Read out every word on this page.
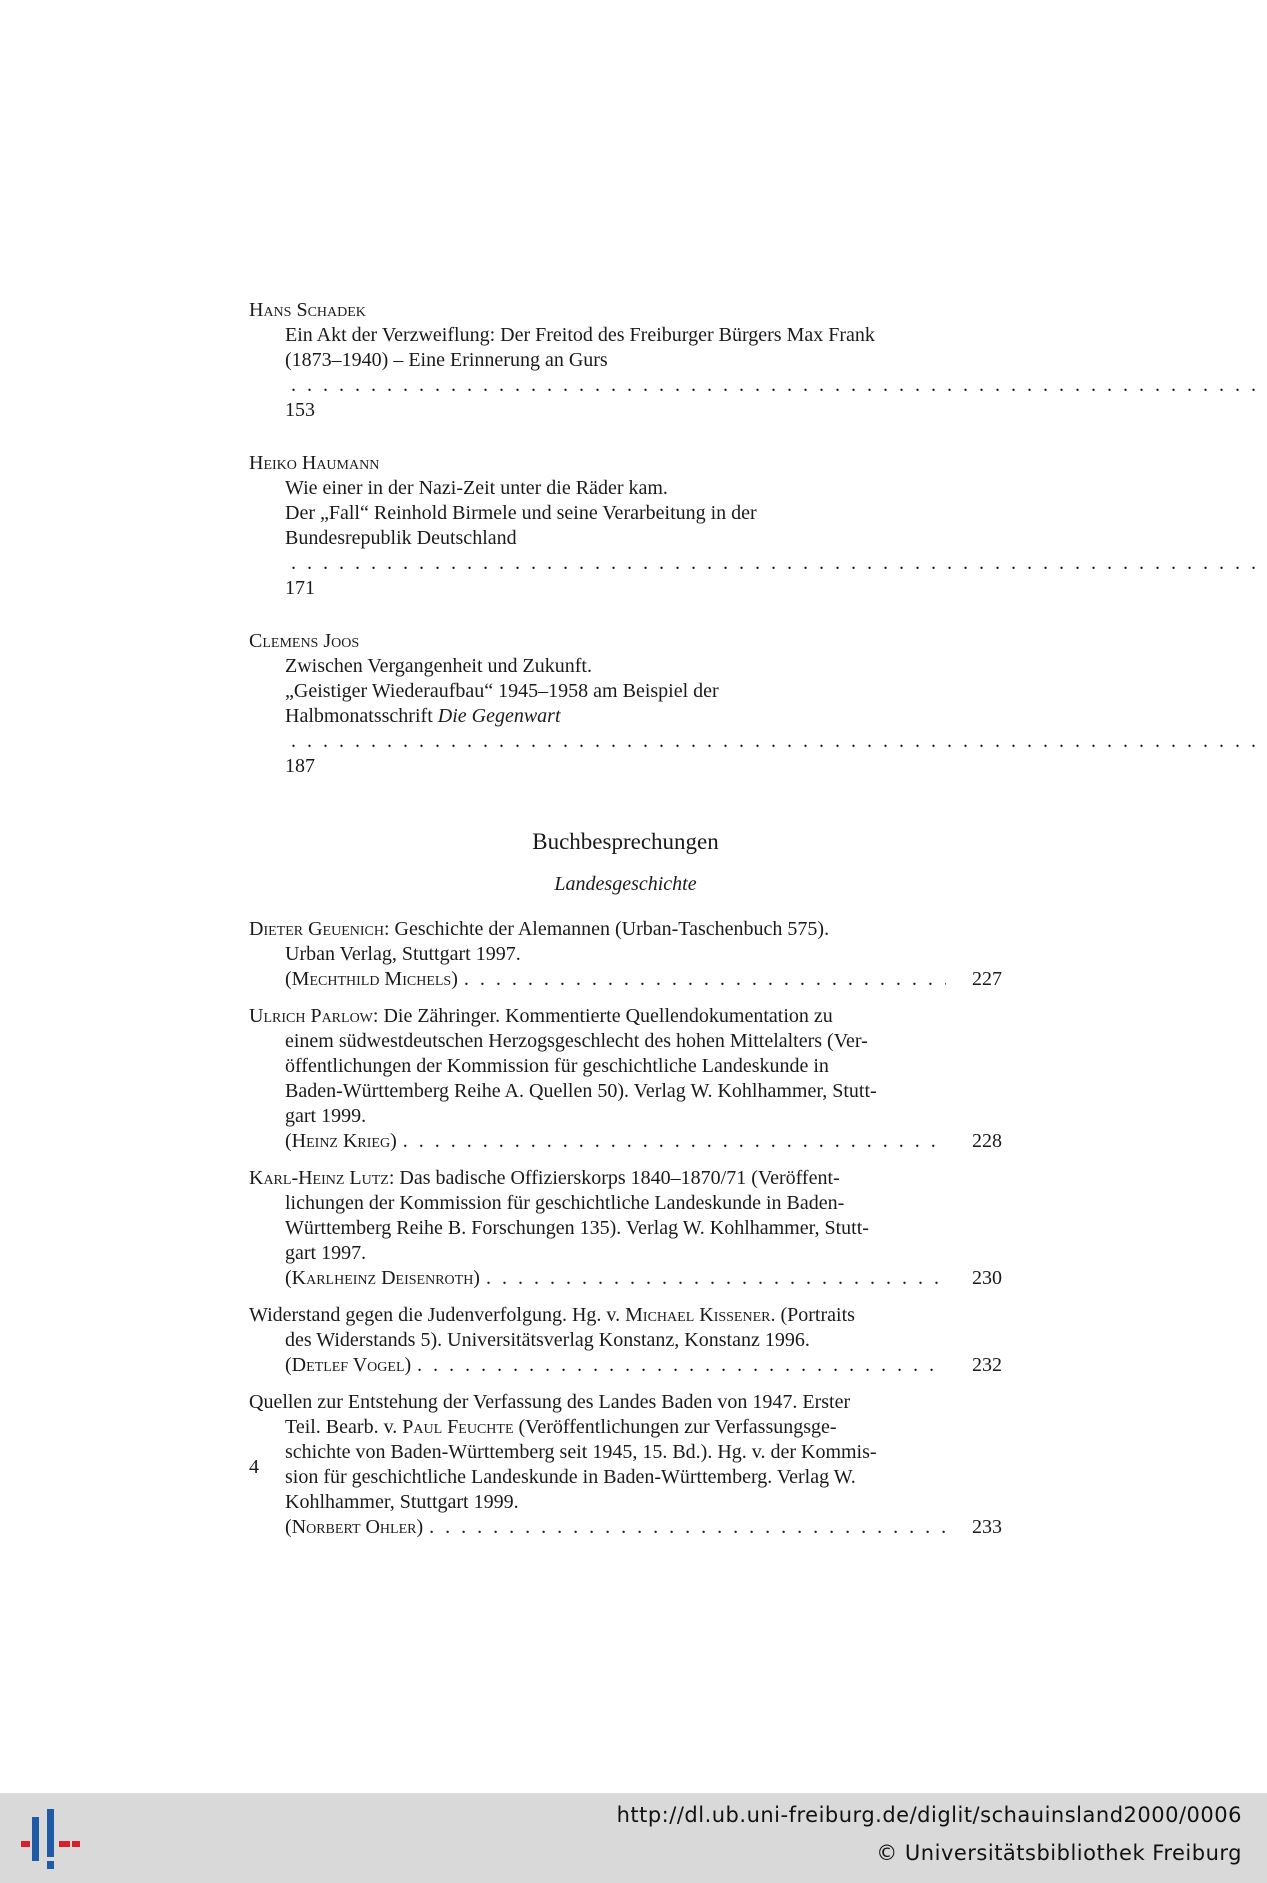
Hans Schadek
Ein Akt der Verzweiflung: Der Freitod des Freiburger Bürgers Max Frank
(1873–1940) – Eine Erinnerung an Gurs . . . 153
Heiko Haumann
Wie einer in der Nazi-Zeit unter die Räder kam.
Der „Fall“ Reinhold Birmele und seine Verarbeitung in der
Bundesrepublik Deutschland . . . 171
Clemens Joos
Zwischen Vergangenheit und Zukunft.
„Geistiger Wiederaufbau“ 1945–1958 am Beispiel der
Halbmonatsschrift Die Gegenwart . . . 187
Buchbesprechungen
Landesgeschichte
Dieter Geuenich: Geschichte der Alemannen (Urban-Taschenbuch 575).
Urban Verlag, Stuttgart 1997.
(Mechthild Michels) . . .	227
Ulrich Parlow: Die Zähringer. Kommentierte Quellendokumentation zu
einem südwestdeutschen Herzogsgeschlecht des hohen Mittelalters (Ver-
öffentlichungen der Kommission für geschichtliche Landeskunde in
Baden-Württemberg Reihe A. Quellen 50). Verlag W. Kohlhammer, Stutt-
gart 1999.
(Heinz Krieg) . . .	228
Karl-Heinz Lutz: Das badische Offizierskorps 1840–1870/71 (Veröffent-
lichungen der Kommission für geschichtliche Landeskunde in Baden-
Württemberg Reihe B. Forschungen 135). Verlag W. Kohlhammer, Stutt-
gart 1997.
(Karlheinz Deisenroth) . . .	230
Widerstand gegen die Judenverfolgung. Hg. v. Michael Kissener. (Portraits
des Widerstands 5). Universitätsverlag Konstanz, Konstanz 1996.
(Detlef Vogel) . . .	232
Quellen zur Entstehung der Verfassung des Landes Baden von 1947. Erster
Teil. Bearb. v. Paul Feuchte (Veröffentlichungen zur Verfassungsge-
schichte von Baden-Württemberg seit 1945, 15. Bd.). Hg. v. der Kommis-
sion für geschichtliche Landeskunde in Baden-Württemberg. Verlag W.
Kohlhammer, Stuttgart 1999.
(Norbert Ohler) . . .	233
4
http://dl.ub.uni-freiburg.de/diglit/schauinsland2000/0006
© Universitätsbibliothek Freiburg
